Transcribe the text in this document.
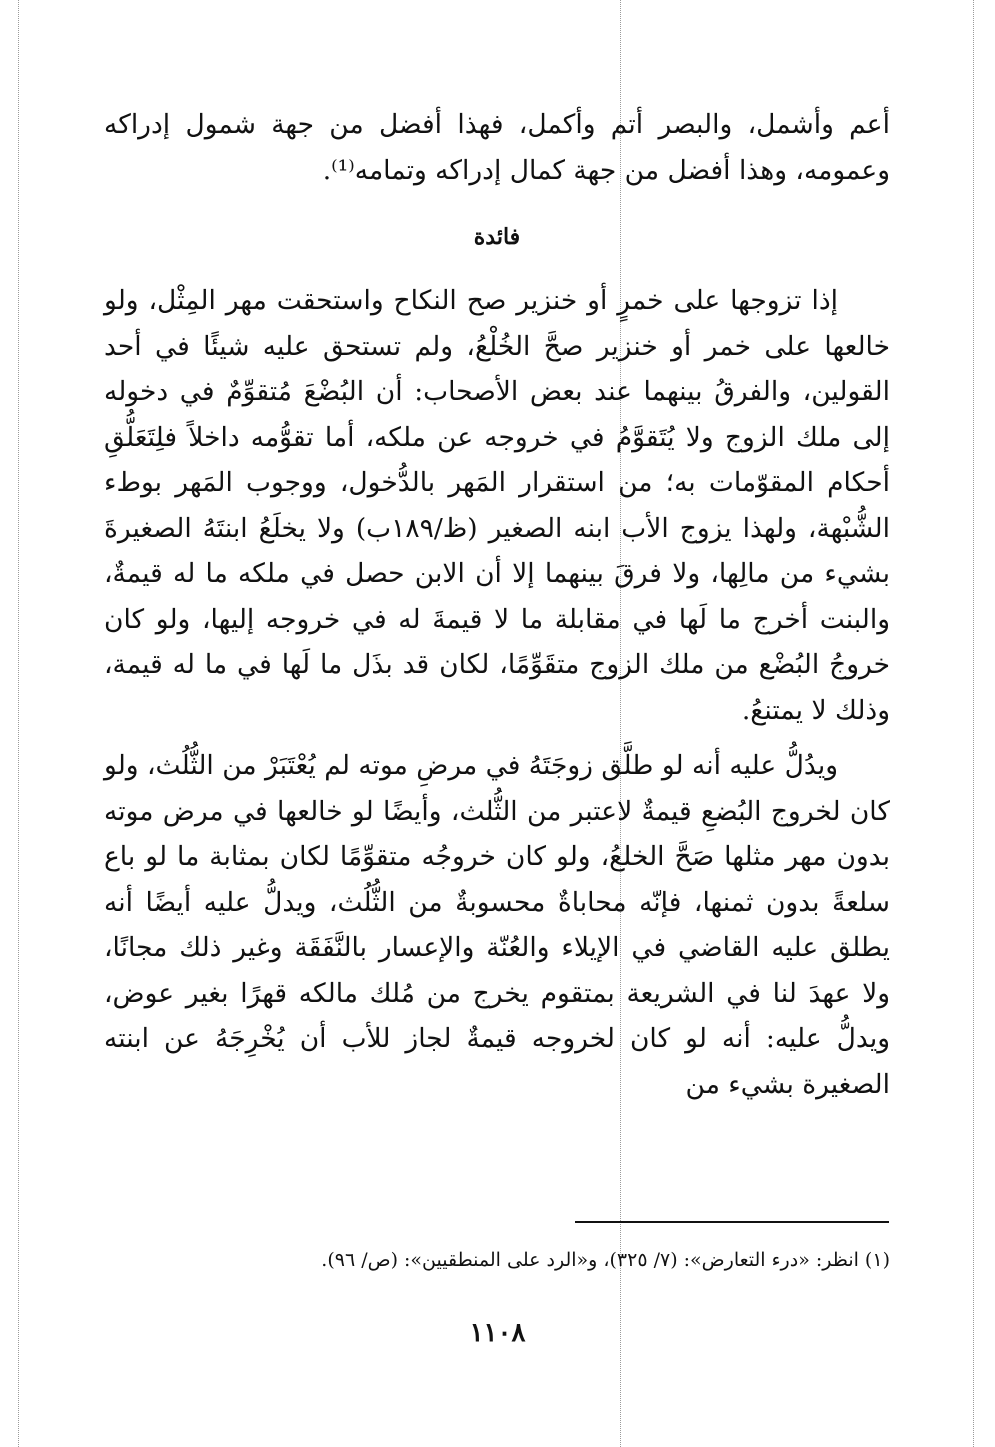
أعم وأشمل، والبصر أتم وأكمل، فهذا أفضل من جهة شمول إدراكه وعمومه، وهذا أفضل من جهة كمال إدراكه وتمامه⁽¹⁾.

فائدة

إذا تزوجها على خمرٍ أو خنزير صح النكاح واستحقت مهر المِثْل، ولو خالعها على خمر أو خنزير صحَّ الخُلْعُ، ولم تستحق عليه شيئًا في أحد القولين، والفرقُ بينهما عند بعض الأصحاب: أن البُضْعَ مُتقوِّمٌ في دخوله إلى ملك الزوج ولا يُتَقوَّمُ في خروجه عن ملكه، أما تقوُّمه داخلاً فلِتَعَلُّقِ أحكام المقوّمات به؛ من استقرار المَهر بالدُّخول، ووجوب المَهر بوطء الشُّبْهة، ولهذا يزوج الأب ابنه الصغير (ظ/١٨٩ب) ولا يخلَعُ ابنتَهُ الصغيرةَ بشيء من مالِها، ولا فرقَ بينهما إلا أن الابن حصل في ملكه ما له قيمةٌ، والبنت أخرج ما لَها في مقابلة ما لا قيمةَ له في خروجه إليها، ولو كان خروجُ البُضْع من ملك الزوج متقَوِّمًا، لكان قد بذَل ما لَها في ما له قيمة، وذلك لا يمتنعُ.

ويدُلُّ عليه أنه لو طلَّق زوجَتَهُ في مرضِ موته لم يُعْتَبَرْ من الثُّلُث، ولو كان لخروج البُضعِ قيمةٌ لاعتبر من الثُّلث، وأيضًا لو خالعها في مرض موته بدون مهر مثلها صَحَّ الخلعُ، ولو كان خروجُه متقوِّمًا لكان بمثابة ما لو باع سلعةً بدون ثمنها، فإنّه محاباةٌ محسوبةٌ من الثُّلُث، ويدلُّ عليه أيضًا أنه يطلق عليه القاضي في الإيلاء والعُنّة والإعسار بالنَّفَقَة وغير ذلك مجانًا، ولا عهدَ لنا في الشريعة بمتقوم يخرج من مُلك مالكه قهرًا بغير عوض، ويدلُّ عليه: أنه لو كان لخروجه قيمةٌ لجاز للأب أن يُخْرِجَهُ عن ابنته الصغيرة بشيء من

(١) انظر: «درء التعارض»: (٧/ ٣٢٥)، و«الرد على المنطقيين»: (ص/ ٩٦).
١١٠٨
